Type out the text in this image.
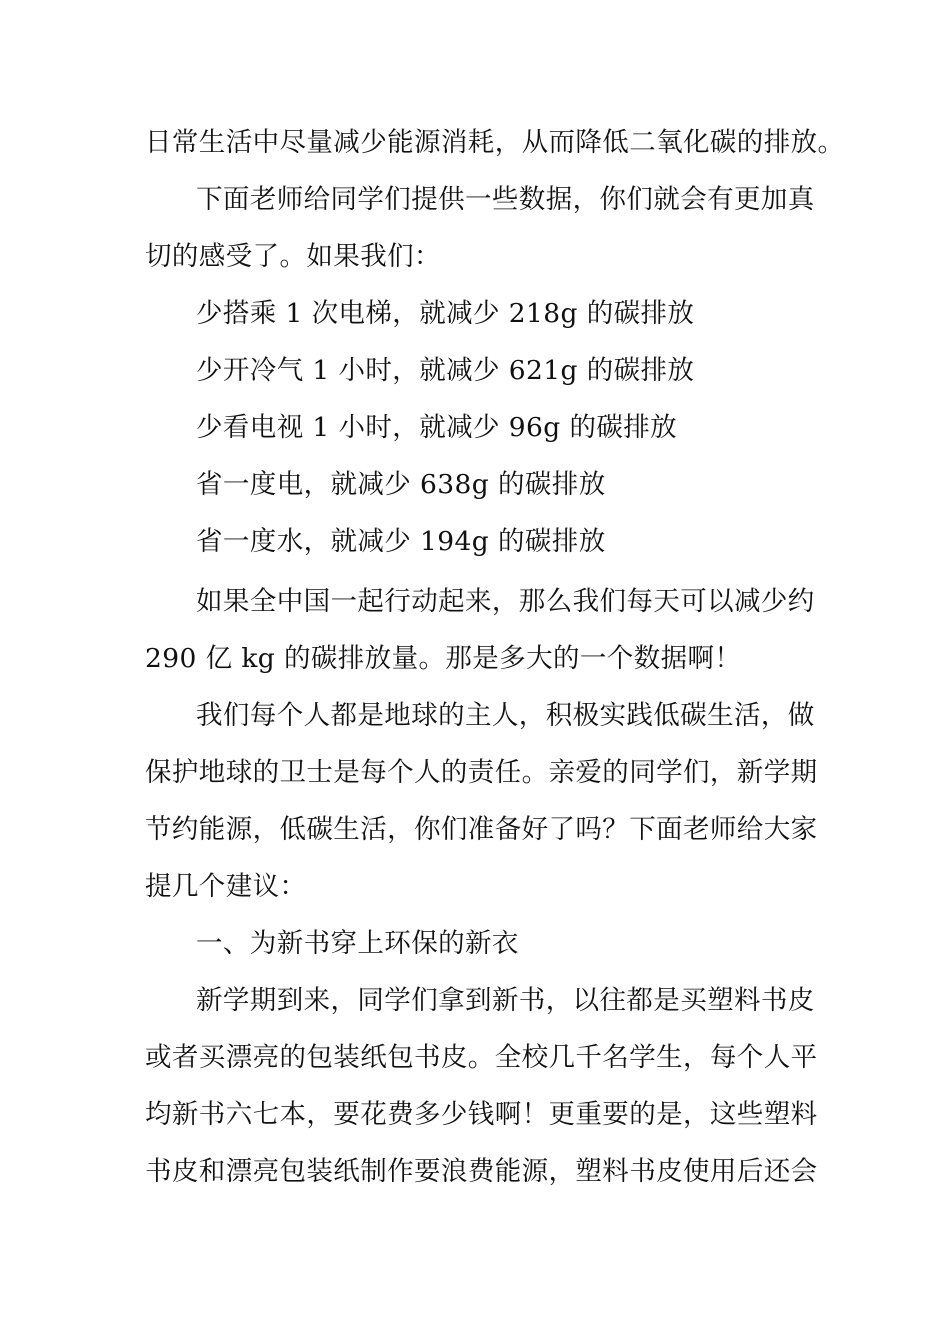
日常生活中尽量减少能源消耗，从而降低二氧化碳的排放。
下面老师给同学们提供一些数据，你们就会有更加真
切的感受了。如果我们：
少搭乘 1 次电梯，就减少 218g 的碳排放
少开冷气 1 小时，就减少 621g 的碳排放
少看电视 1 小时，就减少 96g 的碳排放
省一度电，就减少 638g 的碳排放
省一度水，就减少 194g 的碳排放
如果全中国一起行动起来，那么我们每天可以减少约
290 亿 kg 的碳排放量。那是多大的一个数据啊！
我们每个人都是地球的主人，积极实践低碳生活，做
保护地球的卫士是每个人的责任。亲爱的同学们，新学期
节约能源，低碳生活，你们准备好了吗？下面老师给大家
提几个建议：
一、为新书穿上环保的新衣
新学期到来，同学们拿到新书，以往都是买塑料书皮
或者买漂亮的包装纸包书皮。全校几千名学生，每个人平
均新书六七本，要花费多少钱啊！更重要的是，这些塑料
书皮和漂亮包装纸制作要浪费能源，塑料书皮使用后还会
